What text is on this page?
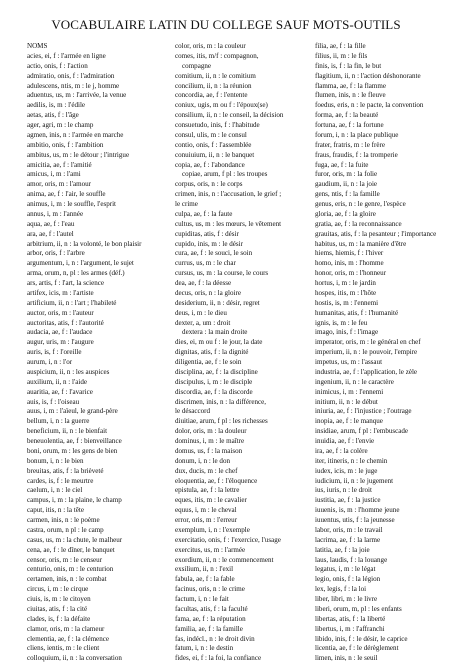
VOCABULAIRE LATIN DU COLLEGE SAUF MOTS-OUTILS
NOMS
acies, ei, f : l'armée en ligne
actio, onis, f : l'action
admiratio, onis, f : l'admiration
adulescens, ntis, m : le j, homme
aduentus, us, m : l'arrivée, la venue
aedilis, is, m : l'édile
aetas, atis, f : l'âge
ager, agri, m : le champ
agmen, inis, n : l'armée en marche
ambitio, onis, f : l'ambition
ambitus, us, m : le détour ; l'intrigue
amicitia, ae, f : l'amitié
amicus, i, m : l'ami
amor, oris, m : l'amour
anima, ae, f : l'air, le souffle
animus, i, m : le souffle, l'esprit
annus, i, m : l'année
aqua, ae, f : l'eau
ara, ae, f : l'autel
arbitrium, ii, n : la volonté, le bon plaisir
arbor, oris, f : l'arbre
argumentum, i, n : l'argument, le sujet
arma, orum, n, pl : les armes (déf.)
ars, artis, f : l'art, la science
artifex, icis, m : l'artiste
artificium, ii, n : l'art ; l'habileté
auctor, oris, m : l'auteur
auctoritas, atis, f : l'autorité
audacia, ae, f : l'audace
augur, uris, m : l'augure
auris, is, f : l'oreille
aurum, i, n : l'or
auspicium, ii, n : les auspices
auxilium, ii, n : l'aide
auaritia, ae, f : l'avarice
auis, is, f : l'oiseau
auus, i, m : l'aïeul, le grand-père
bellum, i, n : la guerre
beneficium, ii, n : le bienfait
beneuolentia, ae, f : bienveillance
boni, orum, m : les gens de bien
bonum, i, n : le bien
breuitas, atis, f : la brièveté
cardes, is, f : le meurtre
caelum, i, n : le ciel
campus, i, m : la plaine, le champ
caput, itis, n : la tête
carmen, inis, n : le poème
castra, orum, n pl : le camp
casus, us, m : la chute, le malheur
cena, ae, f : le dîner, le banquet
censor, oris, m : le censeur
centurio, onis, m : le centurion
certamen, inis, n : le combat
circus, i, m : le cirque
ciuis, is, m : le citoyen
ciuitas, atis, f : la cité
clades, is, f : la défaite
clamor, oris, m : la clameur
clementia, ae, f : la clémence
cliens, ientis, m : le client
colloquium, ii, n : la conversation
color, oris, m : la couleur
comes, itis, m/f : compagnon,
compagne
comitium, ii, n : le comitium
concilium, ii, n : la réunion
concordia, ae, f : l'entente
coniux, ugis, m ou f : l'époux(se)
consilium, ii, n : le conseil, la décision
consuetudo, inis, f : l'habitude
consul, ulis, m : le consul
contio, onis, f : l'assemblée
conuiuium, ii, n : le banquet
copia, ae, f : l'abondance
copiae, arum, f pl : les troupes
corpus, oris, n : le corps
crimen, inis, n : l'accusation, le grief ;
le crime
culpa, ae, f : la faute
cultus, us, m : les mœurs, le vêtement
cupiditas, atis, f : désir
cupido, inis, m : le désir
cura, ae, f : le souci, le soin
currus, us, m : le char
cursus, us, m : la course, le cours
dea, ae, f : la déesse
decus, oris, n : la gloire
desiderium, ii, n : désir, regret
deus, i, m : le dieu
dexter, a, um : droit
dextera : la main droite
dies, ei, m ou f : le jour, la date
dignitas, atis, f : la dignité
diligentia, ae, f : le soin
disciplina, ae, f : la discipline
discipulus, i, m : le disciple
discordia, ae, f : la discorde
discrimen, inis, n : la différence,
le désaccord
diuitiae, arum, f pl : les richesses
dolor, oris, m : la douleur
dominus, i, m : le maître
domus, us, f : la maison
donum, i, n : le don
dux, ducis, m : le chef
eloquentia, ae, f : l'éloquence
epistula, ae, f : la lettre
eques, itis, m : le cavalier
equus, i, m : le cheval
error, oris, m : l'erreur
exemplum, i, n : l'exemple
exercitatio, onis, f : l'exercice, l'usage
exercitus, us, m : l'armée
exordium, ii, n : le commencement
exsilium, ii, n : l'exil
fabula, ae, f : la fable
facinus, oris, n : le crime
factum, i, n : le fait
facultas, atis, f : la faculté
fama, ae, f : la réputation
familia, ae, f : la famille
fas, indécl., n : le droit divin
fatum, i, n : le destin
fides, ei, f : la foi, la confiance
filia, ae, f : la fille
filius, ii, m : le fils
finis, is, f : la fin, le but
flagitium, ii, n : l'action déshonorante
flamma, ae, f : la flamme
flumen, inis, n : le fleuve
foedus, eris, n : le pacte, la convention
forma, ae, f : la beauté
fortuna, ae, f : la fortune
forum, i, n : la place publique
frater, fratris, m : le frère
fraus, fraudis, f : la tromperie
fuga, ae, f : la fuite
furor, oris, m : la folie
gaudium, ii, n : la joie
gens, ntis, f : la famille
genus, eris, n : le genre, l'espèce
gloria, ae, f : la gloire
gratia, ae, f : la reconnaissance
grauitas, atis, f : la pesanteur ; l'importance
habitus, us, m : la manière d'être
hiems, hiemis, f : l'hiver
homo, inis, m : l'homme
honor, oris, m : l'honneur
hortus, i, m : le jardin
hospes, itis, m : l'hôte
hostis, is, m : l'ennemi
humanitas, atis, f : l'humanité
ignis, is, m : le feu
imago, inis, f : l'image
imperator, oris, m : le général en chef
imperium, ii, n : le pouvoir, l'empire
impetus, us, m : l'assaut
industria, ae, f : l'application, le zèle
ingenium, ii, n : le caractère
inimicus, i, m : l'ennemi
initium, ii, n : le début
iniuria, ae, f : l'injustice ; l'outrage
inopia, ae, f : le manque
insidiae, arum, f pl : l'embuscade
inuidia, ae, f : l'envie
ira, ae, f : la colère
iter, itineris, n : le chemin
iudex, icis, m : le juge
iudicium, ii, n : le jugement
ius, iuris, n : le droit
iustitia, ae, f : la justice
iuuenis, is, m : l'homme jeune
iuuentus, utis, f : la jeunesse
labor, oris, m : le travail
lacrima, ae, f : la larme
latitia, ae, f : la joie
laus, laudis, f : la louange
legatus, i, m : le légat
legio, onis, f : la légion
lex, legis, f : la loi
liber, libri, m : le livre
liberi, orum, m, pl : les enfants
libertas, atis, f : la liberté
libertus, i, m : l'affranchi
libido, inis, f : le désir, le caprice
licentia, ae, f : le dérèglement
limen, inis, n : le seuil
